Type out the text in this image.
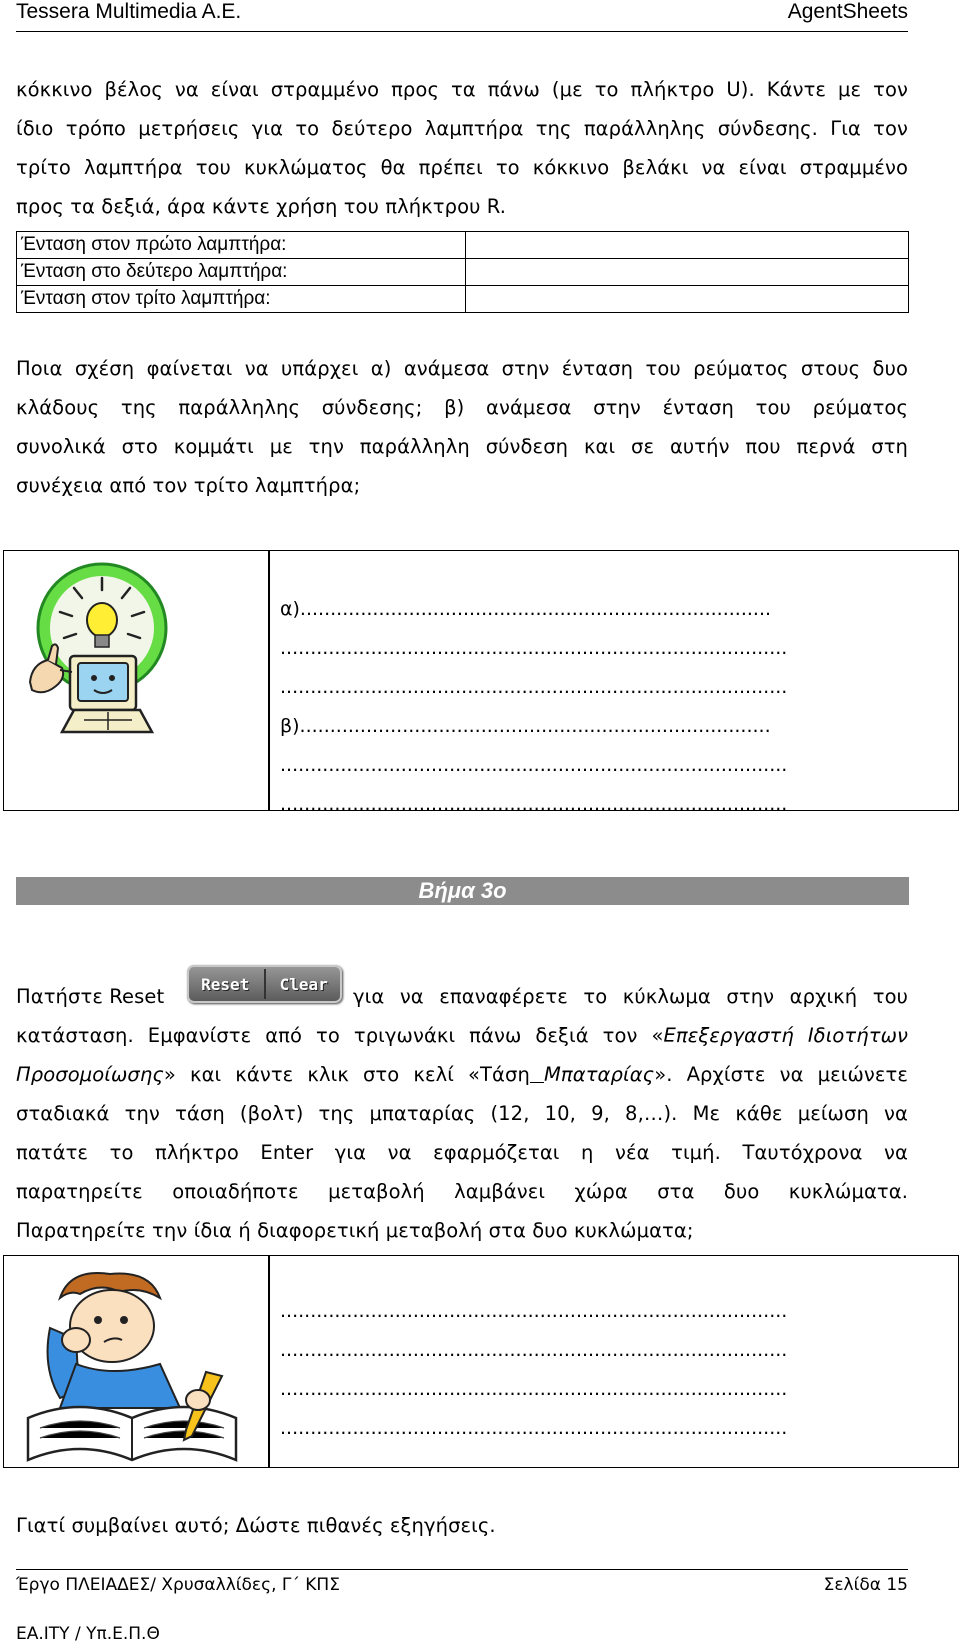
Tessera Multimedia A.E.	AgentSheets
κόκκινο βέλος να είναι στραμμένο προς τα πάνω (με το πλήκτρο U). Κάντε με τον
ίδιο τρόπο μετρήσεις για το δεύτερο λαμπτήρα της παράλληλης σύνδεσης. Για τον
τρίτο λαμπτήρα του κυκλώματος θα πρέπει το κόκκινο βελάκι να είναι στραμμένο
προς τα δεξιά, άρα κάντε χρήση του πλήκτρου R.
Ένταση στον πρώτο λαμπτήρα:	
Ένταση στο δεύτερο λαμπτήρα:	
Ένταση στον τρίτο λαμπτήρα:	
Ποια σχέση φαίνεται να υπάρχει α) ανάμεσα στην ένταση του ρεύματος στους δυο
κλάδους της παράλληλης σύνδεσης; β) ανάμεσα στην ένταση του ρεύματος
συνολικά στο κομμάτι με την παράλληλη σύνδεση και σε αυτήν που περνά στη
συνέχεια από τον τρίτο λαμπτήρα;
α)..............................................................................
....................................................................................
....................................................................................
β)..............................................................................
....................................................................................
....................................................................................
Βήμα 3ο
Πατήστε Reset
Reset	Clear
για να επαναφέρετε το κύκλωμα στην αρχική του
κατάσταση. Εμφανίστε από το τριγωνάκι πάνω δεξιά τον «Επεξεργαστή Ιδιοτήτων
Προσομοίωσης» και κάντε κλικ στο κελί «Τάση Μπαταρίας». Αρχίστε να μειώνετε
σταδιακά την τάση (βολτ) της μπαταρίας (12, 10, 9, 8,…). Με κάθε μείωση να
πατάτε το πλήκτρο Enter για να εφαρμόζεται η νέα τιμή. Ταυτόχρονα να
παρατηρείτε οποιαδήποτε μεταβολή λαμβάνει χώρα στα δυο κυκλώματα.
Παρατηρείτε την ίδια ή διαφορετική μεταβολή στα δυο κυκλώματα;
....................................................................................
....................................................................................
....................................................................................
....................................................................................
Γιατί συμβαίνει αυτό; Δώστε πιθανές εξηγήσεις.
Έργο ΠΛΕΙΑΔΕΣ/ Χρυσαλλίδες, Γ΄ ΚΠΣ	Σελίδα 15
ΕΑ.ΙΤΥ / Υπ.Ε.Π.Θ
